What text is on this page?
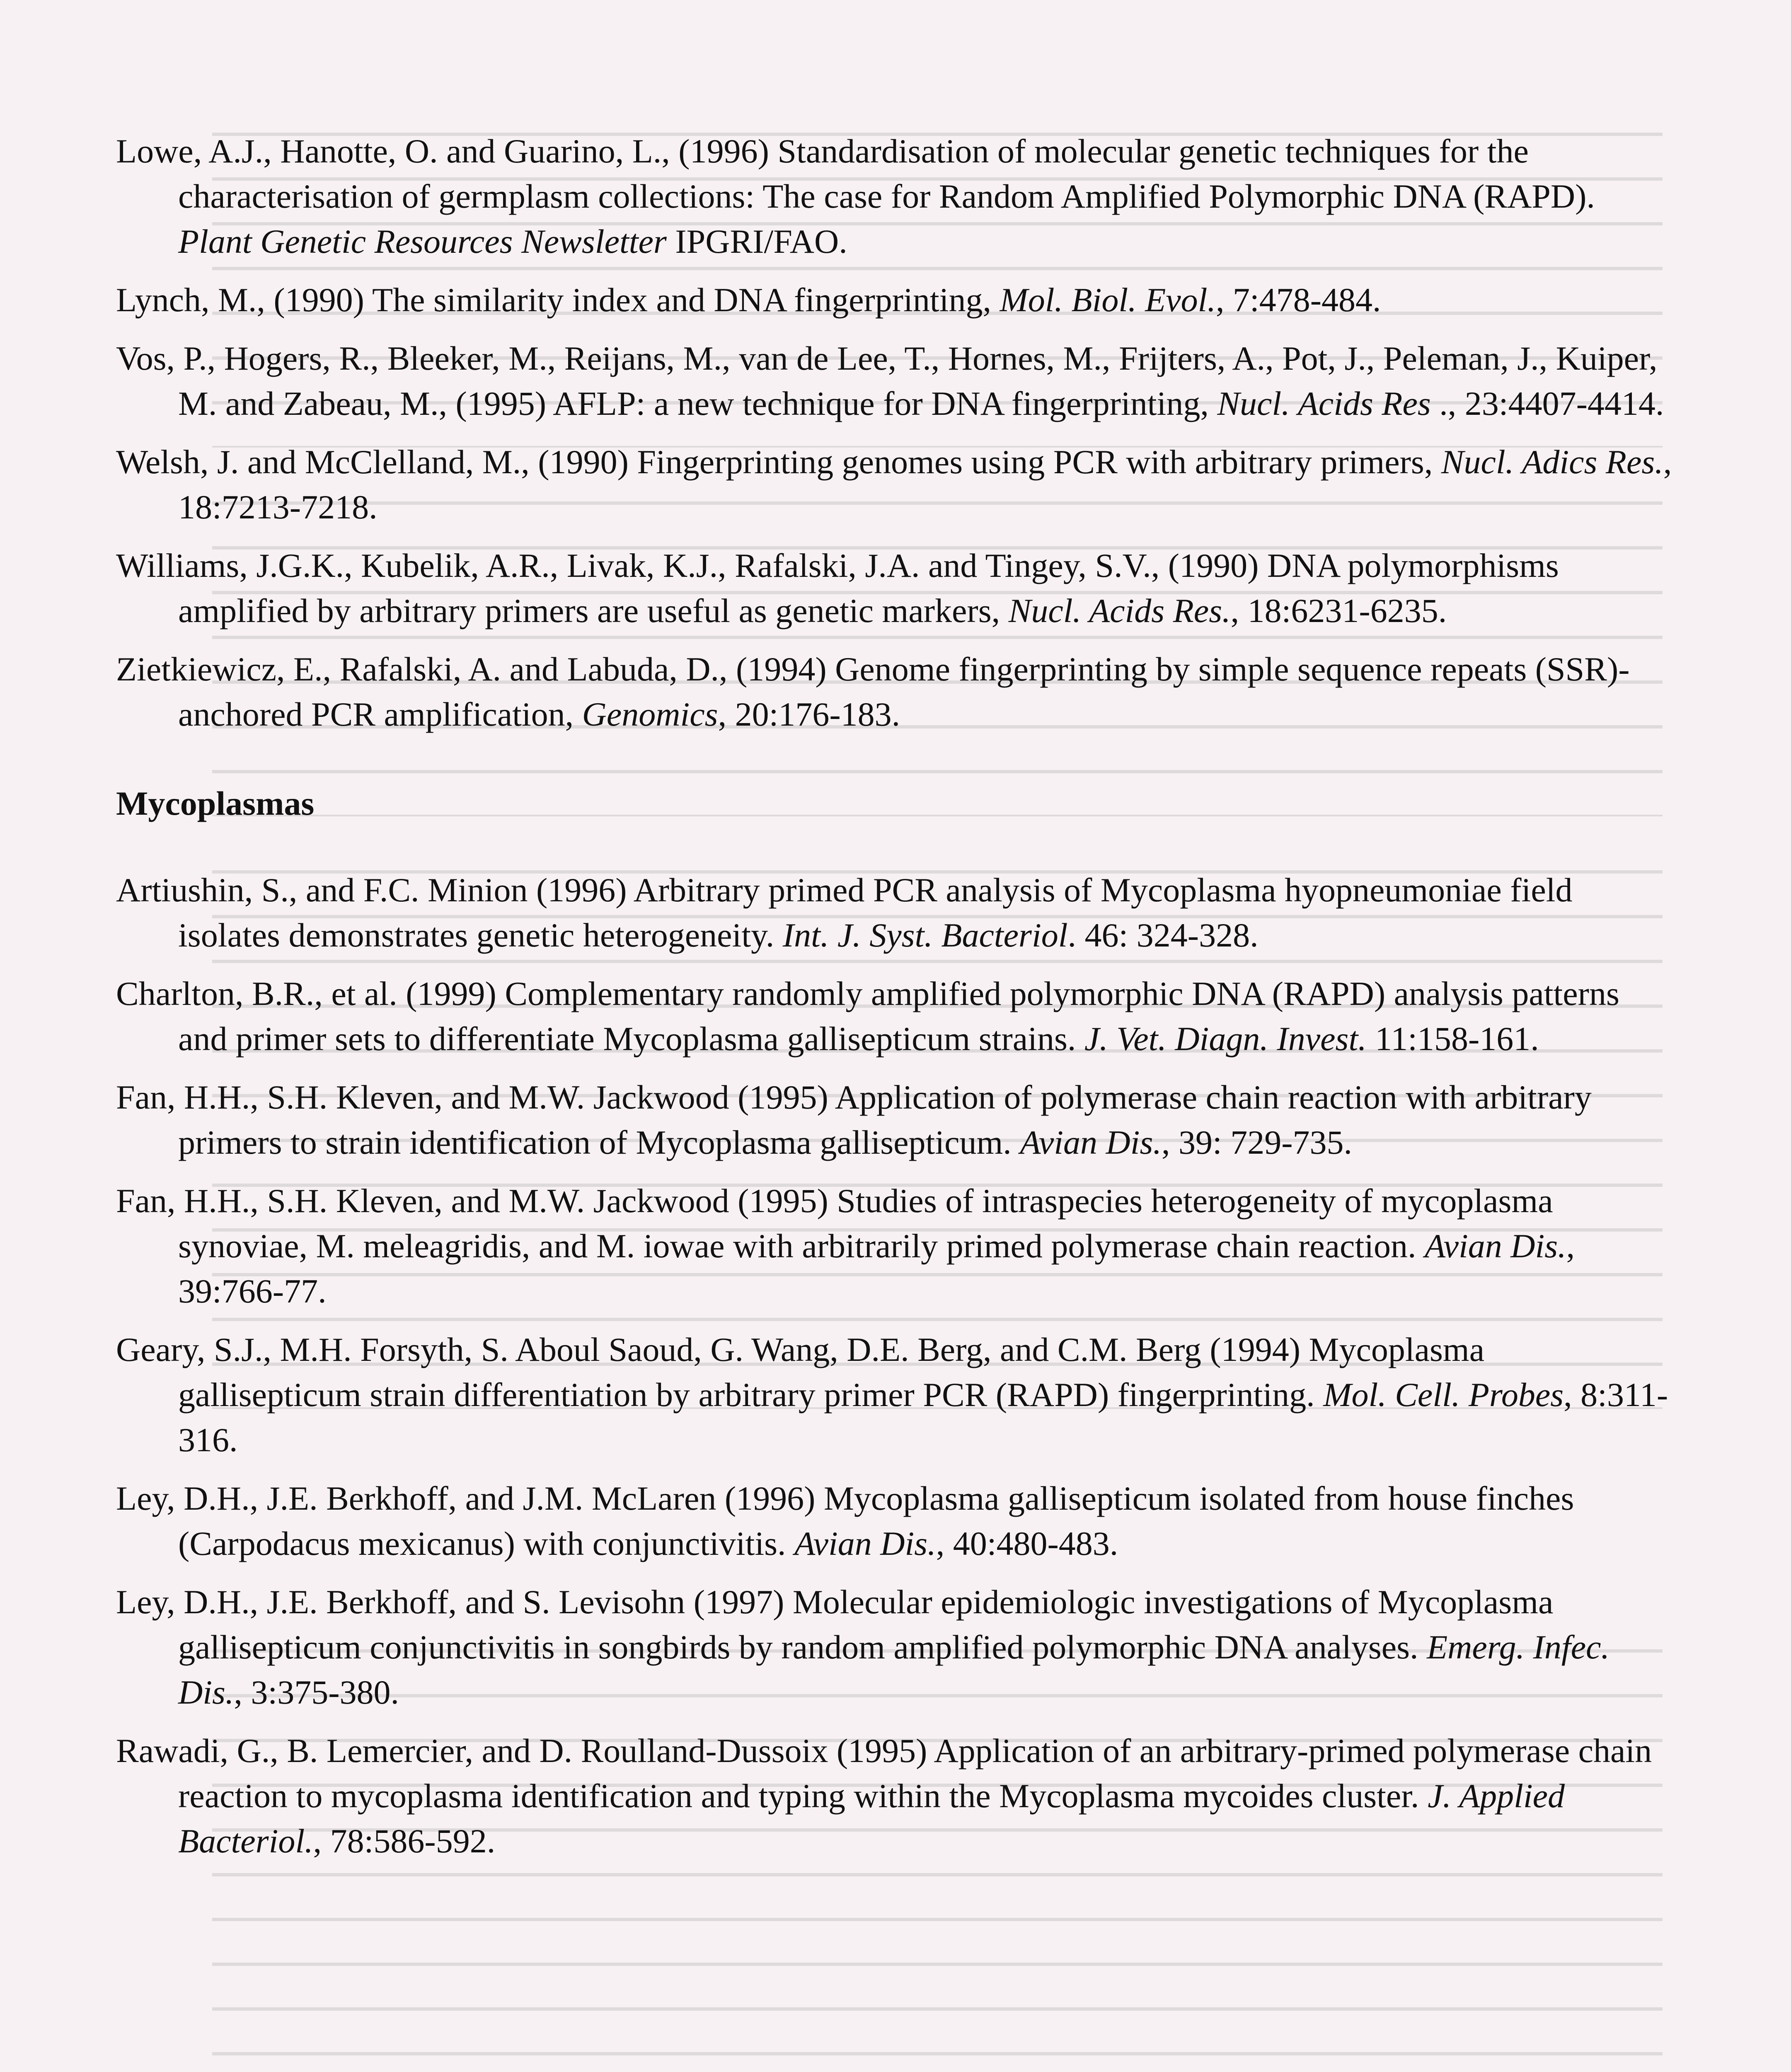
Lowe, A.J., Hanotte, O. and Guarino, L., (1996) Standardisation of molecular genetic techniques for the characterisation of germplasm collections: The case for Random Amplified Polymorphic DNA (RAPD). Plant Genetic Resources Newsletter IPGRI/FAO.

Lynch, M., (1990) The similarity index and DNA fingerprinting, Mol. Biol. Evol., 7:478-484.

Vos, P., Hogers, R., Bleeker, M., Reijans, M., van de Lee, T., Hornes, M., Frijters, A., Pot, J., Peleman, J., Kuiper, M. and Zabeau, M., (1995) AFLP: a new technique for DNA fingerprinting, Nucl. Acids Res ., 23:4407-4414.

Welsh, J. and McClelland, M., (1990) Fingerprinting genomes using PCR with arbitrary primers, Nucl. Adics Res., 18:7213-7218.

Williams, J.G.K., Kubelik, A.R., Livak, K.J., Rafalski, J.A. and Tingey, S.V., (1990) DNA polymorphisms amplified by arbitrary primers are useful as genetic markers, Nucl. Acids Res., 18:6231-6235.

Zietkiewicz, E., Rafalski, A. and Labuda, D., (1994) Genome fingerprinting by simple sequence repeats (SSR)-anchored PCR amplification, Genomics, 20:176-183.

Mycoplasmas

Artiushin, S., and F.C. Minion (1996) Arbitrary primed PCR analysis of Mycoplasma hyopneumoniae field isolates demonstrates genetic heterogeneity. Int. J. Syst. Bacteriol. 46: 324-328.

Charlton, B.R., et al. (1999) Complementary randomly amplified polymorphic DNA (RAPD) analysis patterns and primer sets to differentiate Mycoplasma gallisepticum strains. J. Vet. Diagn. Invest. 11:158-161.

Fan, H.H., S.H. Kleven, and M.W. Jackwood (1995) Application of polymerase chain reaction with arbitrary primers to strain identification of Mycoplasma gallisepticum. Avian Dis., 39: 729-735.

Fan, H.H., S.H. Kleven, and M.W. Jackwood (1995) Studies of intraspecies heterogeneity of mycoplasma synoviae, M. meleagridis, and M. iowae with arbitrarily primed polymerase chain reaction. Avian Dis., 39:766-77.

Geary, S.J., M.H. Forsyth, S. Aboul Saoud, G. Wang, D.E. Berg, and C.M. Berg (1994) Mycoplasma gallisepticum strain differentiation by arbitrary primer PCR (RAPD) fingerprinting. Mol. Cell. Probes, 8:311-316.

Ley, D.H., J.E. Berkhoff, and J.M. McLaren (1996) Mycoplasma gallisepticum isolated from house finches (Carpodacus mexicanus) with conjunctivitis. Avian Dis., 40:480-483.

Ley, D.H., J.E. Berkhoff, and S. Levisohn (1997) Molecular epidemiologic investigations of Mycoplasma gallisepticum conjunctivitis in songbirds by random amplified polymorphic DNA analyses. Emerg. Infec. Dis., 3:375-380.

Rawadi, G., B. Lemercier, and D. Roulland-Dussoix (1995) Application of an arbitrary-primed polymerase chain reaction to mycoplasma identification and typing within the Mycoplasma mycoides cluster. J. Applied Bacteriol., 78:586-592.
